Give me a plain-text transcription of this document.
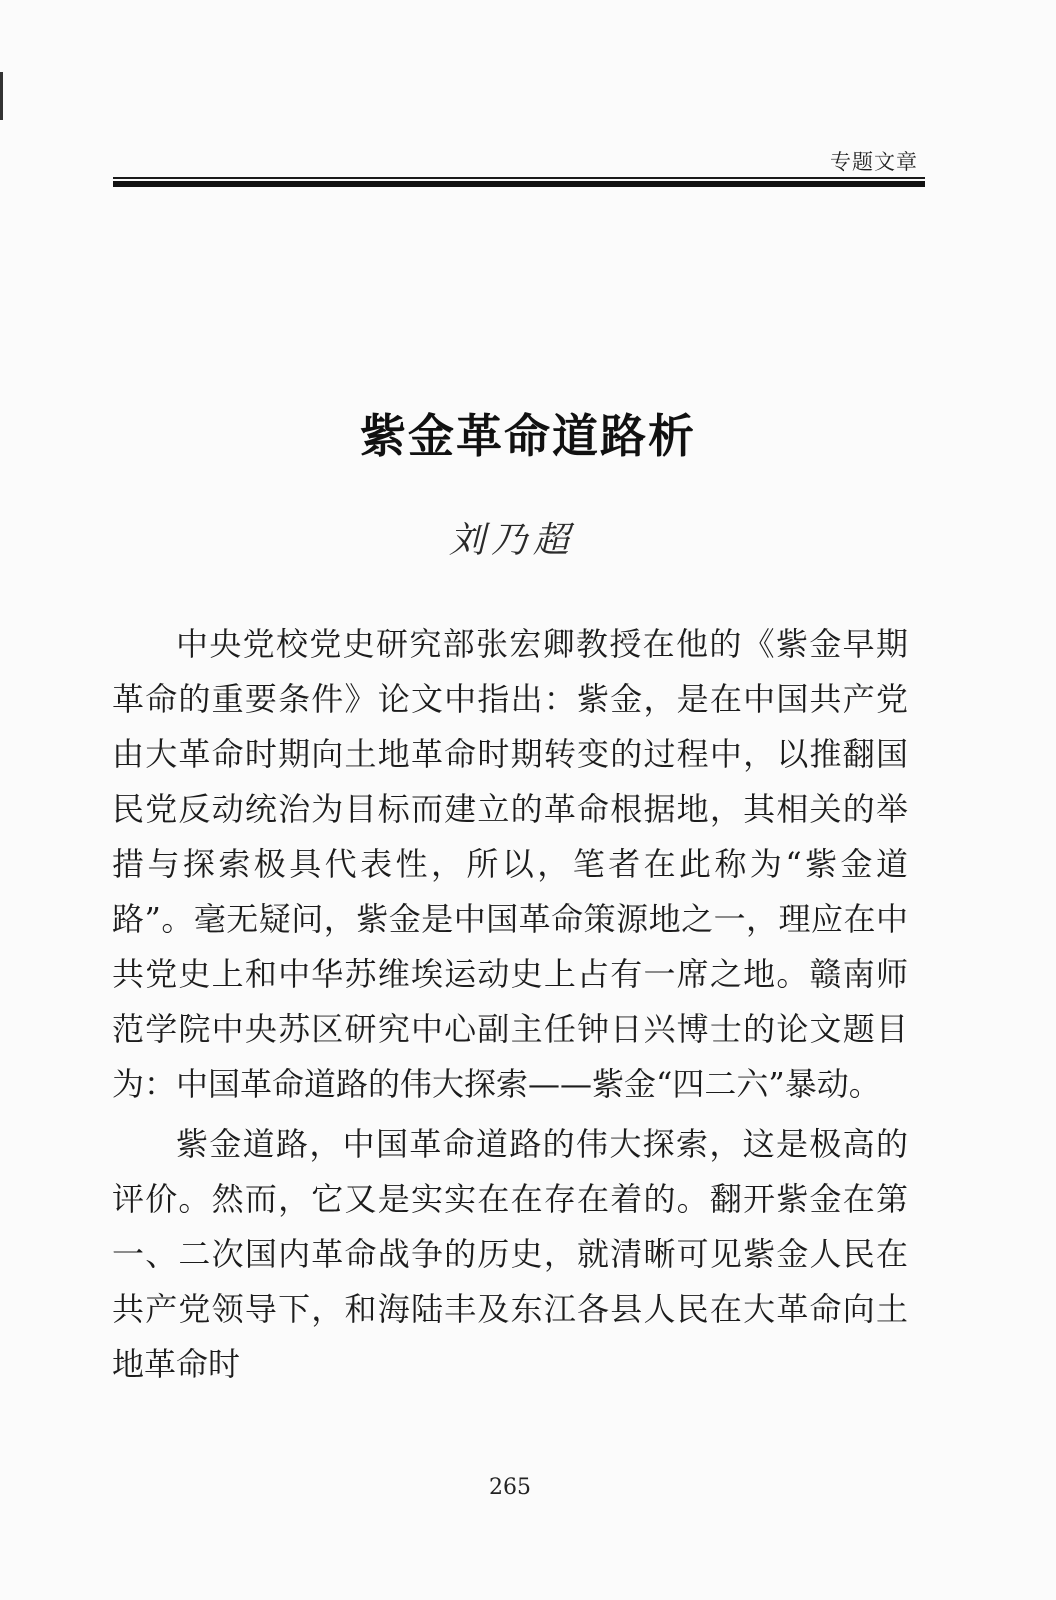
专题文章
紫金革命道路析
刘乃超

中央党校党史研究部张宏卿教授在他的《紫金早期革命的重要条件》论文中指出：紫金，是在中国共产党由大革命时期向土地革命时期转变的过程中，以推翻国民党反动统治为目标而建立的革命根据地，其相关的举措与探索极具代表性，所以，笔者在此称为“紫金道路”。毫无疑问，紫金是中国革命策源地之一，理应在中共党史上和中华苏维埃运动史上占有一席之地。赣南师范学院中央苏区研究中心副主任钟日兴博士的论文题目为：中国革命道路的伟大探索——紫金“四二六”暴动。

紫金道路，中国革命道路的伟大探索，这是极高的评价。然而，它又是实实在在存在着的。翻开紫金在第一、二次国内革命战争的历史，就清晰可见紫金人民在共产党领导下，和海陆丰及东江各县人民在大革命向土地革命时

265
